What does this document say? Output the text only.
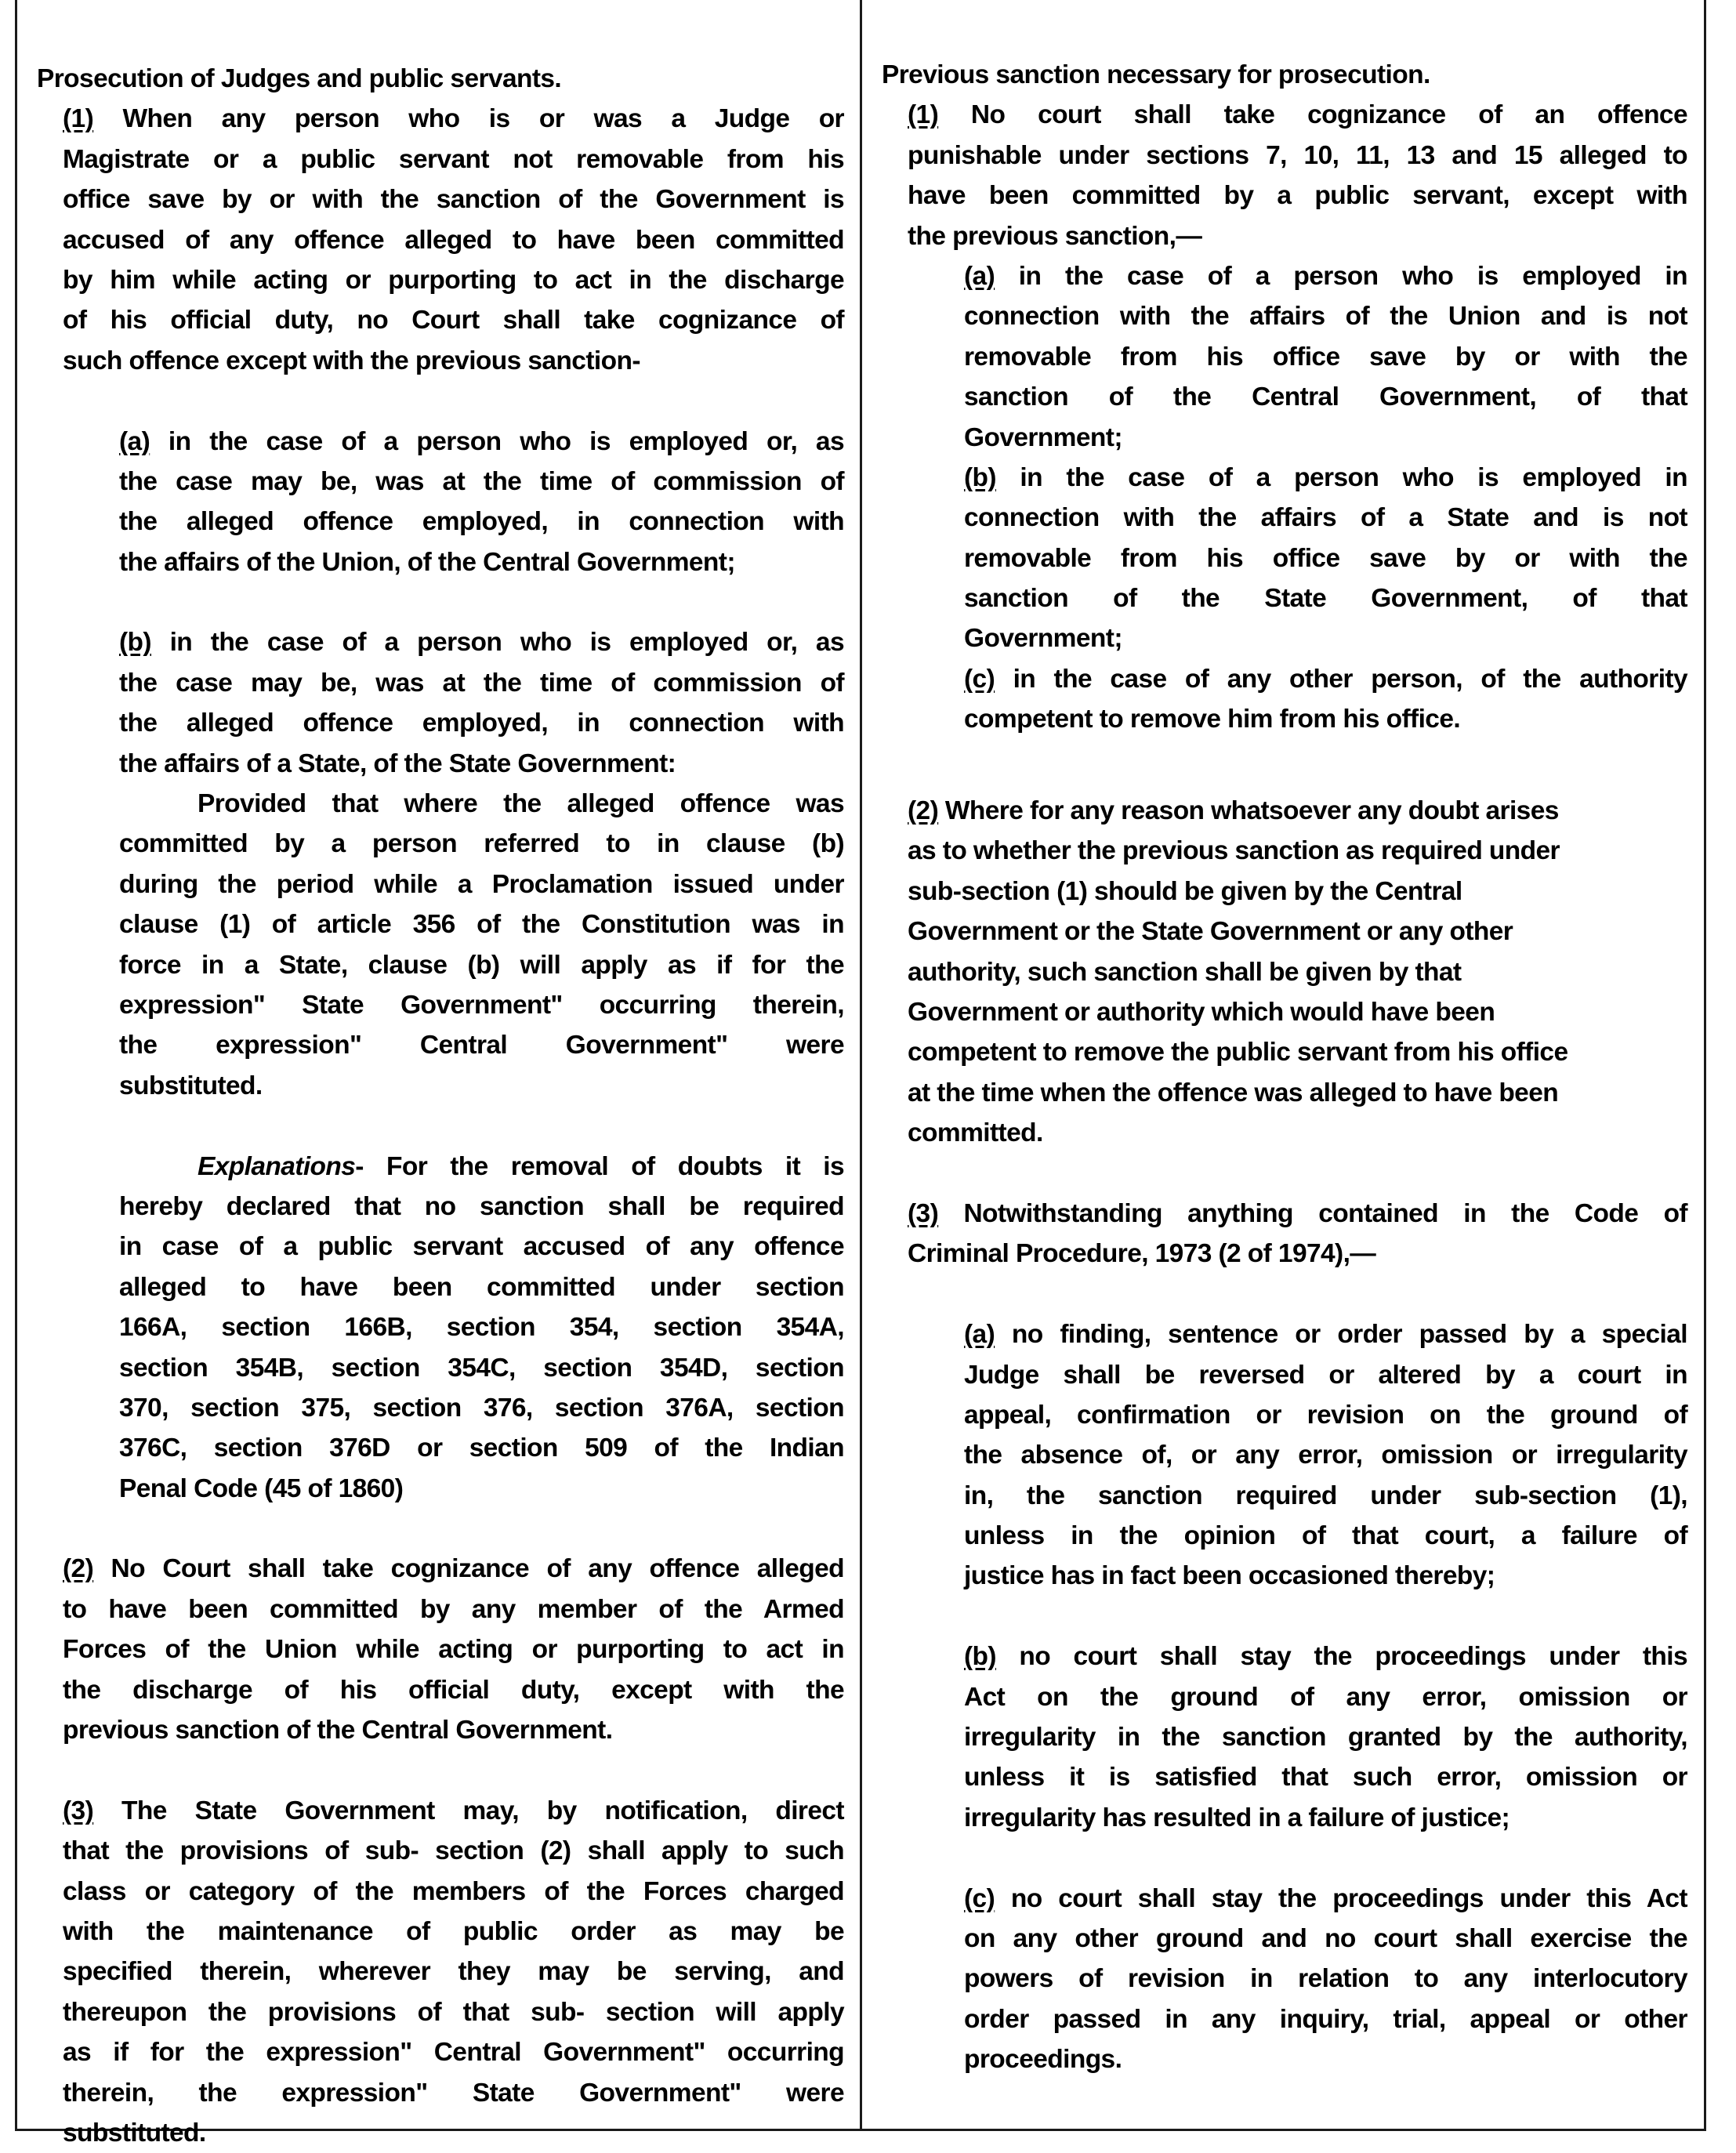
Prosecution of Judges and public servants.
(1) When any person who is or was a Judge or
Magistrate or a public servant not removable from his
office save by or with the sanction of the Government is
accused of any offence alleged to have been committed
by him while acting or purporting to act in the discharge
of his official duty, no Court shall take cognizance of
such offence except with the previous sanction-
(a) in the case of a person who is employed or, as
the case may be, was at the time of commission of
the alleged offence employed, in connection with
the affairs of the Union, of the Central Government;
(b) in the case of a person who is employed or, as
the case may be, was at the time of commission of
the alleged offence employed, in connection with
the affairs of a State, of the State Government:
Provided that where the alleged offence was
committed by a person referred to in clause (b)
during the period while a Proclamation issued under
clause (1) of article 356 of the Constitution was in
force in a State, clause (b) will apply as if for the
expression" State Government" occurring therein,
the expression" Central Government" were
substituted.
Explanations- For the removal of doubts it is
hereby declared that no sanction shall be required
in case of a public servant accused of any offence
alleged to have been committed under section
166A, section 166B, section 354, section 354A,
section 354B, section 354C, section 354D, section
370, section 375, section 376, section 376A, section
376C, section 376D or section 509 of the Indian
Penal Code (45 of 1860)
(2) No Court shall take cognizance of any offence alleged
to have been committed by any member of the Armed
Forces of the Union while acting or purporting to act in
the discharge of his official duty, except with the
previous sanction of the Central Government.
(3) The State Government may, by notification, direct
that the provisions of sub- section (2) shall apply to such
class or category of the members of the Forces charged
with the maintenance of public order as may be
specified therein, wherever they may be serving, and
thereupon the provisions of that sub- section will apply
as if for the expression" Central Government" occurring
therein, the expression" State Government" were
substituted.
Previous sanction necessary for prosecution.
(1) No court shall take cognizance of an offence
punishable under sections 7, 10, 11, 13 and 15 alleged to
have been committed by a public servant, except with
the previous sanction,—
(a) in the case of a person who is employed in
connection with the affairs of the Union and is not
removable from his office save by or with the
sanction of the Central Government, of that
Government;
(b) in the case of a person who is employed in
connection with the affairs of a State and is not
removable from his office save by or with the
sanction of the State Government, of that
Government;
(c) in the case of any other person, of the authority
competent to remove him from his office.
(2) Where for any reason whatsoever any doubt arises
as to whether the previous sanction as required under
sub-section (1) should be given by the Central
Government or the State Government or any other
authority, such sanction shall be given by that
Government or authority which would have been
competent to remove the public servant from his office
at the time when the offence was alleged to have been
committed.
(3) Notwithstanding anything contained in the Code of
Criminal Procedure, 1973 (2 of 1974),—
(a) no finding, sentence or order passed by a special
Judge shall be reversed or altered by a court in
appeal, confirmation or revision on the ground of
the absence of, or any error, omission or irregularity
in, the sanction required under sub-section (1),
unless in the opinion of that court, a failure of
justice has in fact been occasioned thereby;
(b) no court shall stay the proceedings under this
Act on the ground of any error, omission or
irregularity in the sanction granted by the authority,
unless it is satisfied that such error, omission or
irregularity has resulted in a failure of justice;
(c) no court shall stay the proceedings under this Act
on any other ground and no court shall exercise the
powers of revision in relation to any interlocutory
order passed in any inquiry, trial, appeal or other
proceedings.
